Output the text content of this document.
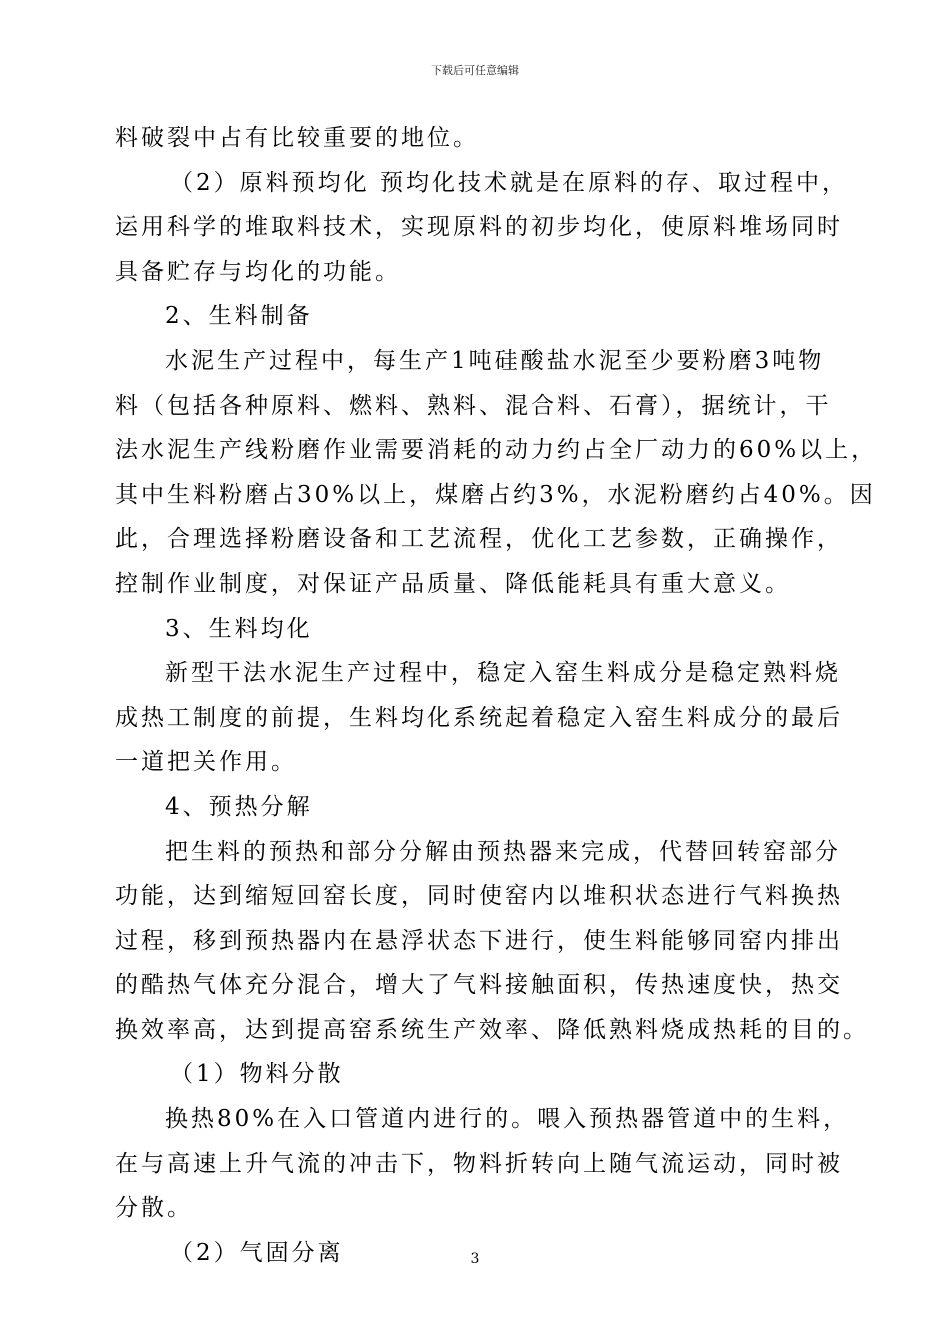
下载后可任意编辑
料破裂中占有比较重要的地位。
（2）原料预均化 预均化技术就是在原料的存、取过程中，
运用科学的堆取料技术，实现原料的初步均化，使原料堆场同时
具备贮存与均化的功能。
2、生料制备
水泥生产过程中，每生产1吨硅酸盐水泥至少要粉磨3吨物
料（包括各种原料、燃料、熟料、混合料、石膏），据统计，干
法水泥生产线粉磨作业需要消耗的动力约占全厂动力的60%以上，
其中生料粉磨占30%以上，煤磨占约3%，水泥粉磨约占40%。因
此，合理选择粉磨设备和工艺流程，优化工艺参数，正确操作，
控制作业制度，对保证产品质量、降低能耗具有重大意义。
3、生料均化
新型干法水泥生产过程中，稳定入窑生料成分是稳定熟料烧
成热工制度的前提，生料均化系统起着稳定入窑生料成分的最后
一道把关作用。
4、预热分解
把生料的预热和部分分解由预热器来完成，代替回转窑部分
功能，达到缩短回窑长度，同时使窑内以堆积状态进行气料换热
过程，移到预热器内在悬浮状态下进行，使生料能够同窑内排出
的酷热气体充分混合，增大了气料接触面积，传热速度快，热交
换效率高，达到提高窑系统生产效率、降低熟料烧成热耗的目的。
（1）物料分散
换热80%在入口管道内进行的。喂入预热器管道中的生料，
在与高速上升气流的冲击下，物料折转向上随气流运动，同时被
分散。
（2）气固分离	3
